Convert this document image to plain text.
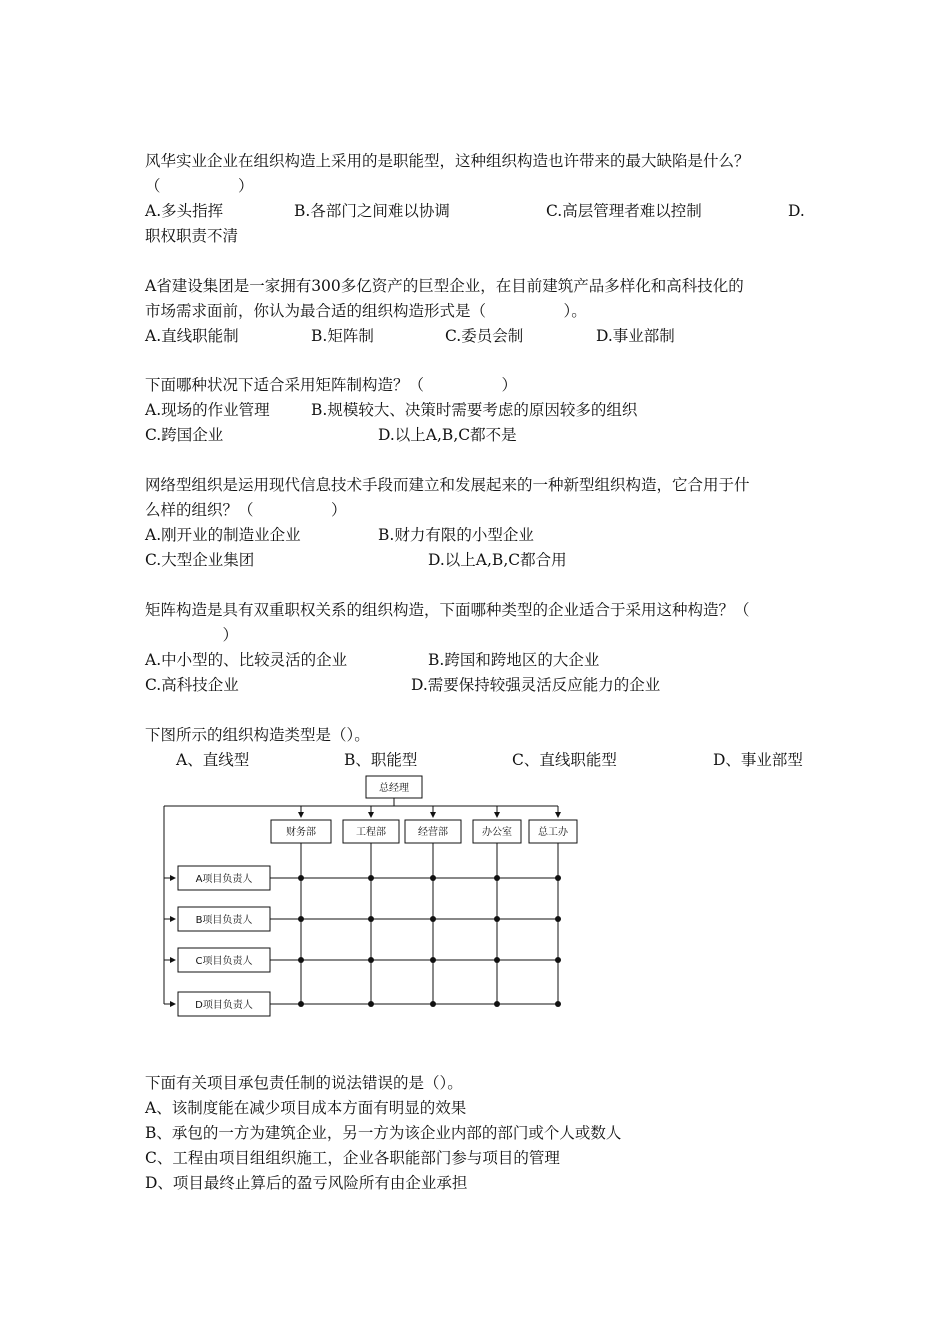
风华实业企业在组织构造上采用的是职能型，这种组织构造也许带来的最大缺陷是什么？
（　　　　　）
A.多头指挥	B.各部门之间难以协调	C.高层管理者难以控制	D.
职权职责不清
A省建设集团是一家拥有300多亿资产的巨型企业，在目前建筑产品多样化和高科技化的
市场需求面前，你认为最合适的组织构造形式是（　　　　　）。
A.直线职能制	B.矩阵制	C.委员会制	D.事业部制
下面哪种状况下适合采用矩阵制构造？（　　　　　）
A.现场的作业管理	B.规模较大、决策时需要考虑的原因较多的组织
C.跨国企业	D.以上A,B,C都不是
网络型组织是运用现代信息技术手段而建立和发展起来的一种新型组织构造，它合用于什
么样的组织？（　　　　　）
A.刚开业的制造业企业	B.财力有限的小型企业
C.大型企业集团	D.以上A,B,C都合用
矩阵构造是具有双重职权关系的组织构造，下面哪种类型的企业适合于采用这种构造？（
　　　　　）
A.中小型的、比较灵活的企业	B.跨国和跨地区的大企业
C.高科技企业	D.需要保持较强灵活反应能力的企业
下图所示的组织构造类型是（）。
A、直线型	B、职能型	C、直线职能型	D、事业部型
总经理
财务部	工程部	经营部	办公室	总工办
A项目负责人
B项目负责人
C项目负责人
D项目负责人
下面有关项目承包责任制的说法错误的是（）。
A、该制度能在减少项目成本方面有明显的效果
B、承包的一方为建筑企业，另一方为该企业内部的部门或个人或数人
C、工程由项目组组织施工，企业各职能部门参与项目的管理
D、项目最终止算后的盈亏风险所有由企业承担
